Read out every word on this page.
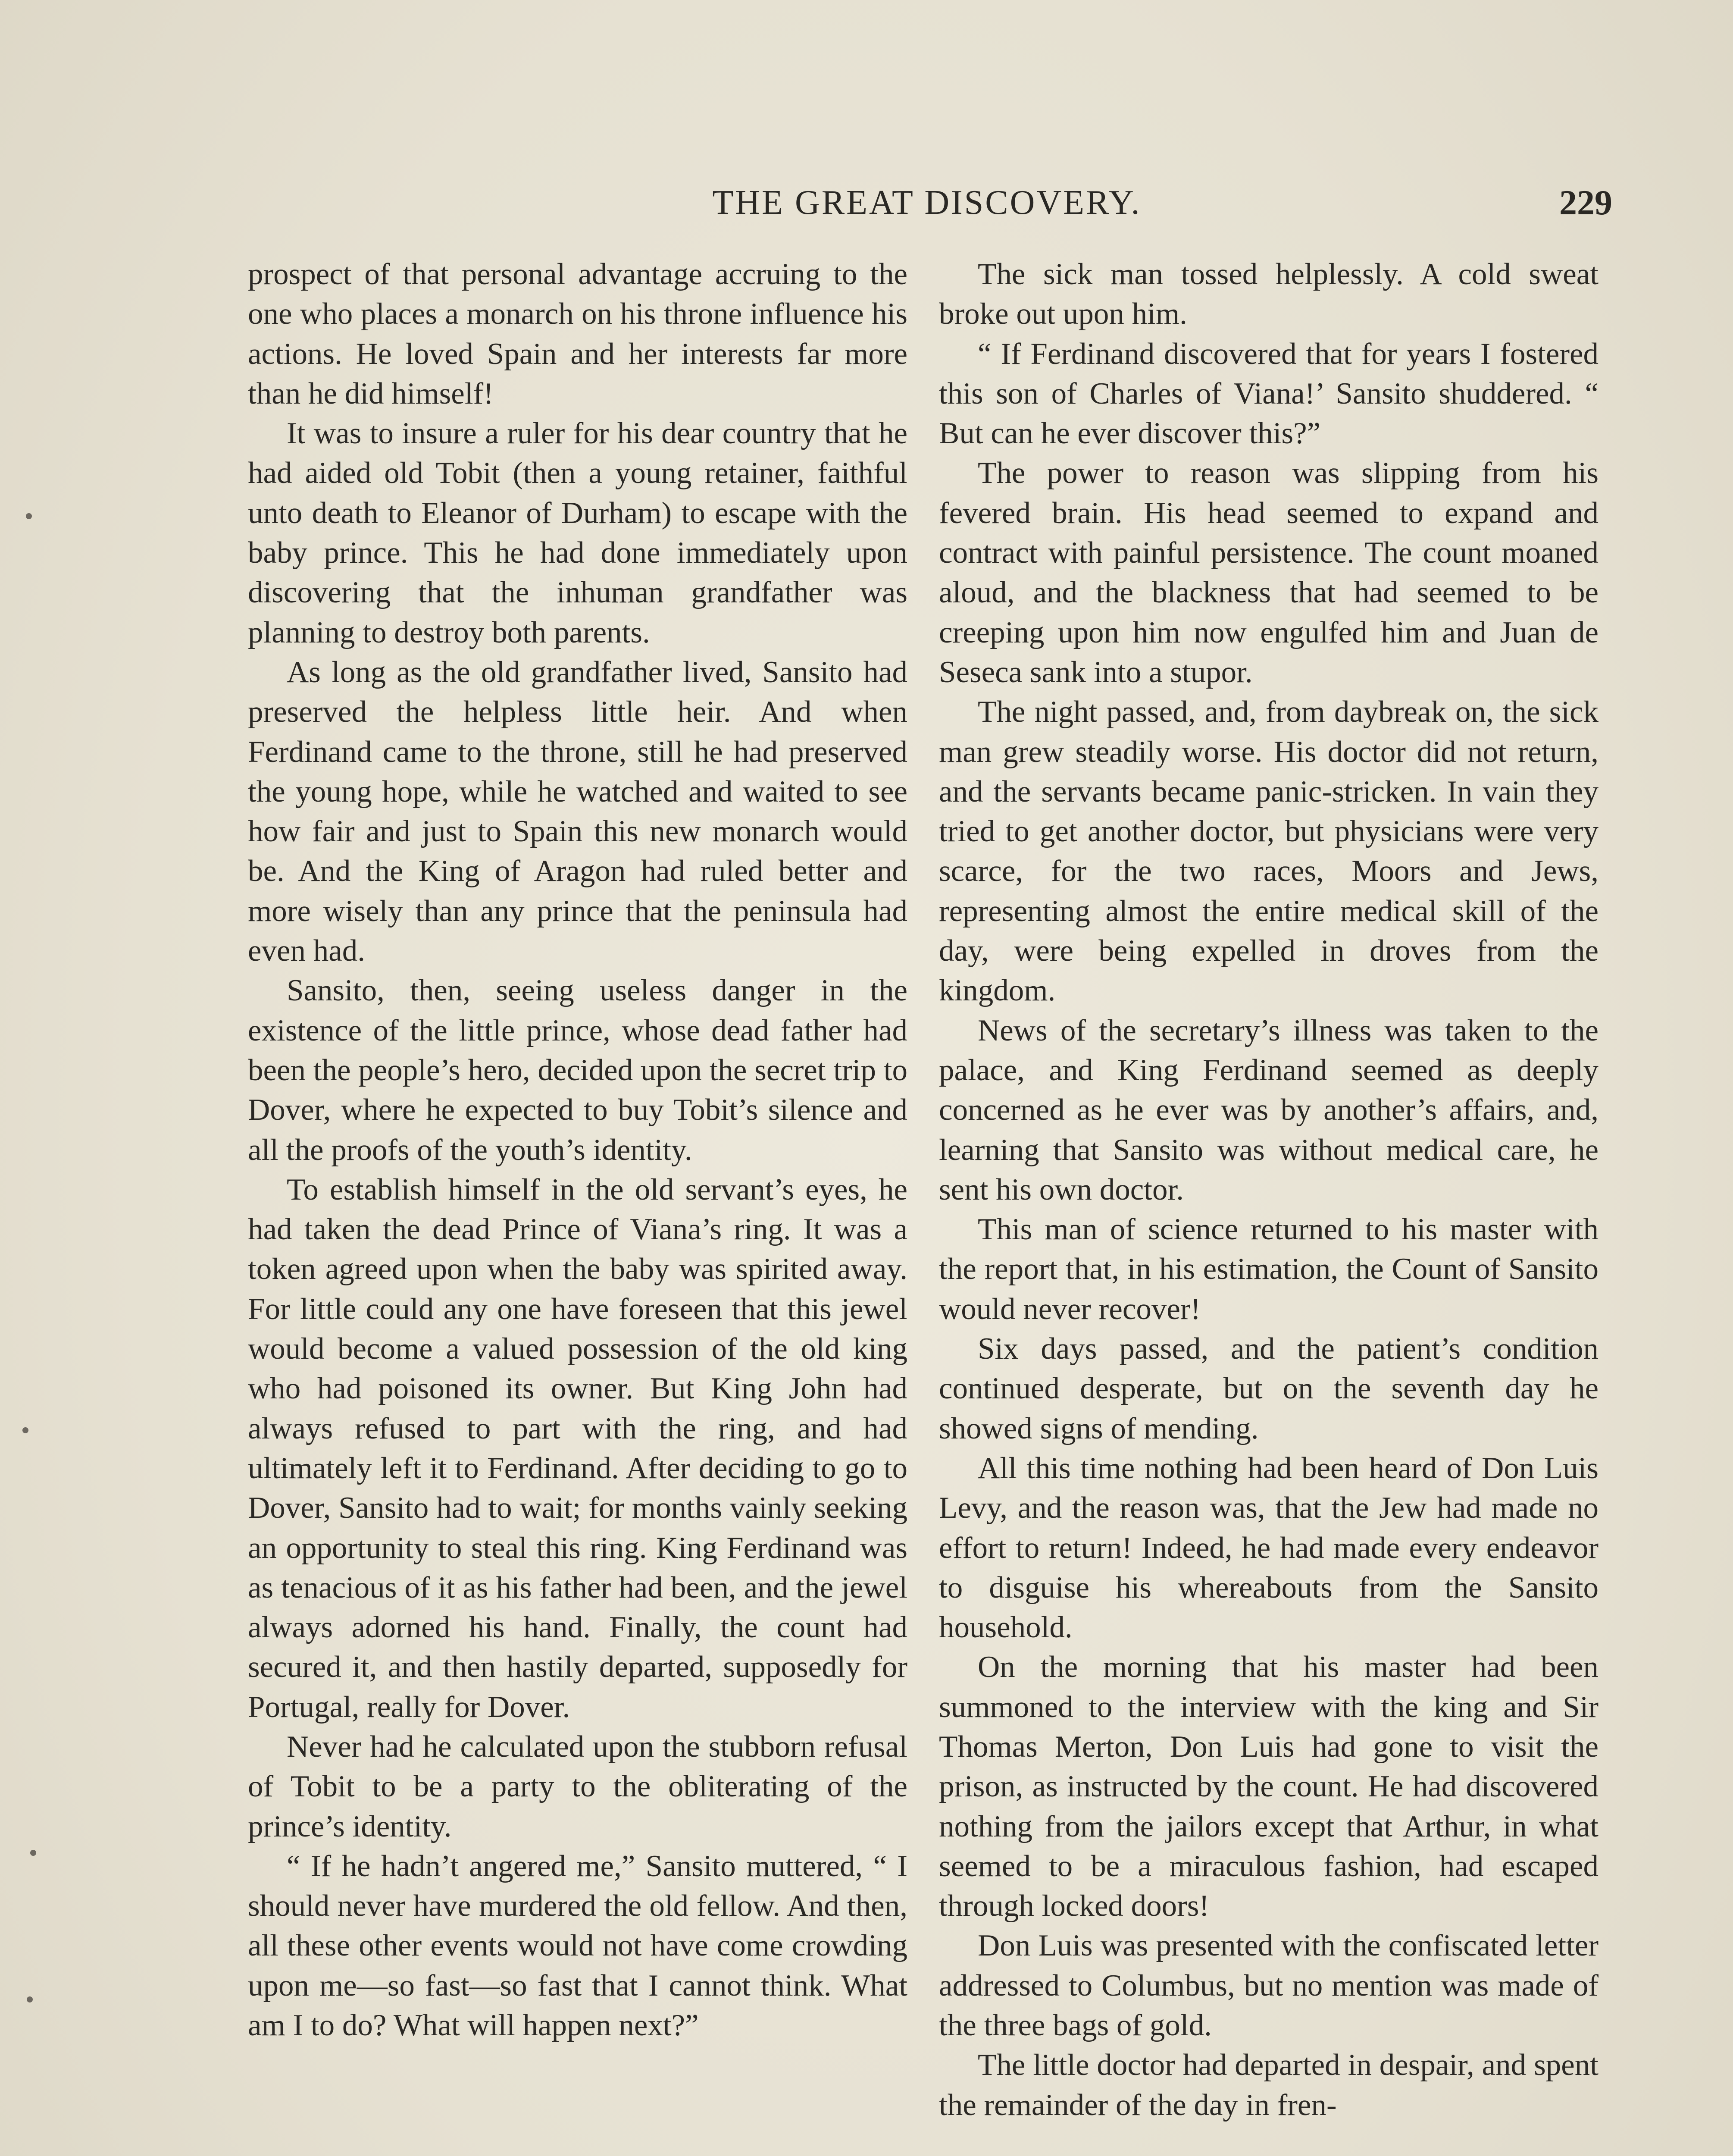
THE GREAT DISCOVERY.	229

prospect of that personal advantage accruing to the one who places a monarch on his throne influence his actions. He loved Spain and her interests far more than he did himself!

It was to insure a ruler for his dear country that he had aided old Tobit (then a young retainer, faithful unto death to Eleanor of Durham) to escape with the baby prince. This he had done immediately upon discovering that the inhuman grandfather was planning to destroy both parents.

As long as the old grandfather lived, Sansito had preserved the helpless little heir. And when Ferdinand came to the throne, still he had preserved the young hope, while he watched and waited to see how fair and just to Spain this new monarch would be. And the King of Aragon had ruled better and more wisely than any prince that the peninsula had even had.

Sansito, then, seeing useless danger in the existence of the little prince, whose dead father had been the people’s hero, decided upon the secret trip to Dover, where he expected to buy Tobit’s silence and all the proofs of the youth’s identity.

To establish himself in the old servant’s eyes, he had taken the dead Prince of Viana’s ring. It was a token agreed upon when the baby was spirited away. For little could any one have foreseen that this jewel would become a valued possession of the old king who had poisoned its owner. But King John had always refused to part with the ring, and had ultimately left it to Ferdinand. After deciding to go to Dover, Sansito had to wait; for months vainly seeking an opportunity to steal this ring. King Ferdinand was as tenacious of it as his father had been, and the jewel always adorned his hand. Finally, the count had secured it, and then hastily departed, supposedly for Portugal, really for Dover.

Never had he calculated upon the stubborn refusal of Tobit to be a party to the obliterating of the prince’s identity.

“ If he hadn’t angered me,” Sansito muttered, “ I should never have murdered the old fellow. And then, all these other events would not have come crowding upon me—so fast—so fast that I cannot think. What am I to do? What will happen next?”

The sick man tossed helplessly. A cold sweat broke out upon him.

“ If Ferdinand discovered that for years I fostered this son of Charles of Viana!’ Sansito shuddered. “ But can he ever discover this?”

The power to reason was slipping from his fevered brain. His head seemed to expand and contract with painful persistence. The count moaned aloud, and the blackness that had seemed to be creeping upon him now engulfed him and Juan de Seseca sank into a stupor.

The night passed, and, from daybreak on, the sick man grew steadily worse. His doctor did not return, and the servants became panic-stricken. In vain they tried to get another doctor, but physicians were very scarce, for the two races, Moors and Jews, representing almost the entire medical skill of the day, were being expelled in droves from the kingdom.

News of the secretary’s illness was taken to the palace, and King Ferdinand seemed as deeply concerned as he ever was by another’s affairs, and, learning that Sansito was without medical care, he sent his own doctor.

This man of science returned to his master with the report that, in his estimation, the Count of Sansito would never recover!

Six days passed, and the patient’s condition continued desperate, but on the seventh day he showed signs of mending.

All this time nothing had been heard of Don Luis Levy, and the reason was, that the Jew had made no effort to return! Indeed, he had made every endeavor to disguise his whereabouts from the Sansito household.

On the morning that his master had been summoned to the interview with the king and Sir Thomas Merton, Don Luis had gone to visit the prison, as instructed by the count. He had discovered nothing from the jailors except that Arthur, in what seemed to be a miraculous fashion, had escaped through locked doors!

Don Luis was presented with the confiscated letter addressed to Columbus, but no mention was made of the three bags of gold.

The little doctor had departed in despair, and spent the remainder of the day in fren-
